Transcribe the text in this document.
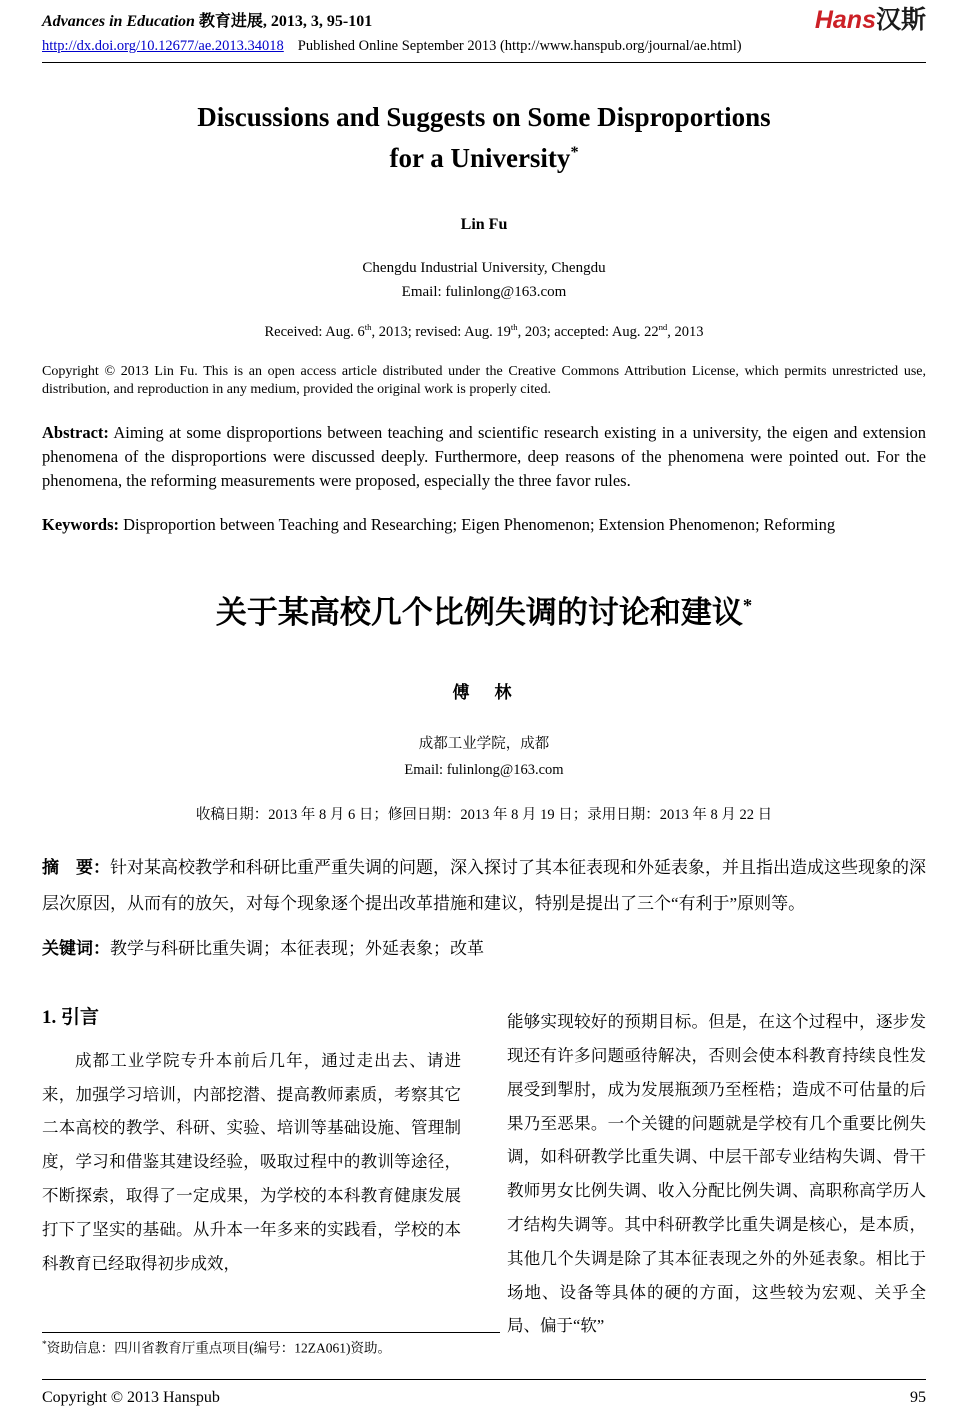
Advances in Education 教育进展, 2013, 3, 95-101	Hans汉斯
http://dx.doi.org/10.12677/ae.2013.34018 Published Online September 2013 (http://www.hanspub.org/journal/ae.html)
Discussions and Suggests on Some Disproportions
for a University*
Lin Fu
Chengdu Industrial University, Chengdu
Email: fulinlong@163.com
Received: Aug. 6th, 2013; revised: Aug. 19th, 203; accepted: Aug. 22nd, 2013

Copyright © 2013 Lin Fu. This is an open access article distributed under the Creative Commons Attribution License, which permits unrestricted use, distribution, and reproduction in any medium, provided the original work is properly cited.

Abstract: Aiming at some disproportions between teaching and scientific research existing in a university, the eigen and extension phenomena of the disproportions were discussed deeply. Furthermore, deep reasons of the phenomena were pointed out. For the phenomena, the reforming measurements were proposed, especially the three favor rules.

Keywords: Disproportion between Teaching and Researching; Eigen Phenomenon; Extension Phenomenon; Reforming

关于某高校几个比例失调的讨论和建议*
傅　林
成都工业学院，成都
Email: fulinlong@163.com
收稿日期：2013 年 8 月 6 日；修回日期：2013 年 8 月 19 日；录用日期：2013 年 8 月 22 日

摘　要：针对某高校教学和科研比重严重失调的问题，深入探讨了其本征表现和外延表象，并且指出造成这些现象的深层次原因，从而有的放矢，对每个现象逐个提出改革措施和建议，特别是提出了三个“有利于”原则等。

关键词：教学与科研比重失调；本征表现；外延表象；改革

1. 引言

成都工业学院专升本前后几年，通过走出去、请进来，加强学习培训，内部挖潜、提高教师素质，考察其它二本高校的教学、科研、实验、培训等基础设施、管理制度，学习和借鉴其建设经验，吸取过程中的教训等途径，不断探索，取得了一定成果，为学校的本科教育健康发展打下了坚实的基础。从升本一年多来的实践看，学校的本科教育已经取得初步成效，

能够实现较好的预期目标。但是，在这个过程中，逐步发现还有许多问题亟待解决，否则会使本科教育持续良性发展受到掣肘，成为发展瓶颈乃至桎梏；造成不可估量的后果乃至恶果。一个关键的问题就是学校有几个重要比例失调，如科研教学比重失调、中层干部专业结构失调、骨干教师男女比例失调、收入分配比例失调、高职称高学历人才结构失调等。其中科研教学比重失调是核心，是本质，其他几个失调是除了其本征表现之外的外延表象。相比于场地、设备等具体的硬的方面，这些较为宏观、关乎全局、偏于“软”

*资助信息：四川省教育厅重点项目(编号：12ZA061)资助。
Copyright © 2013 Hanspub	95
